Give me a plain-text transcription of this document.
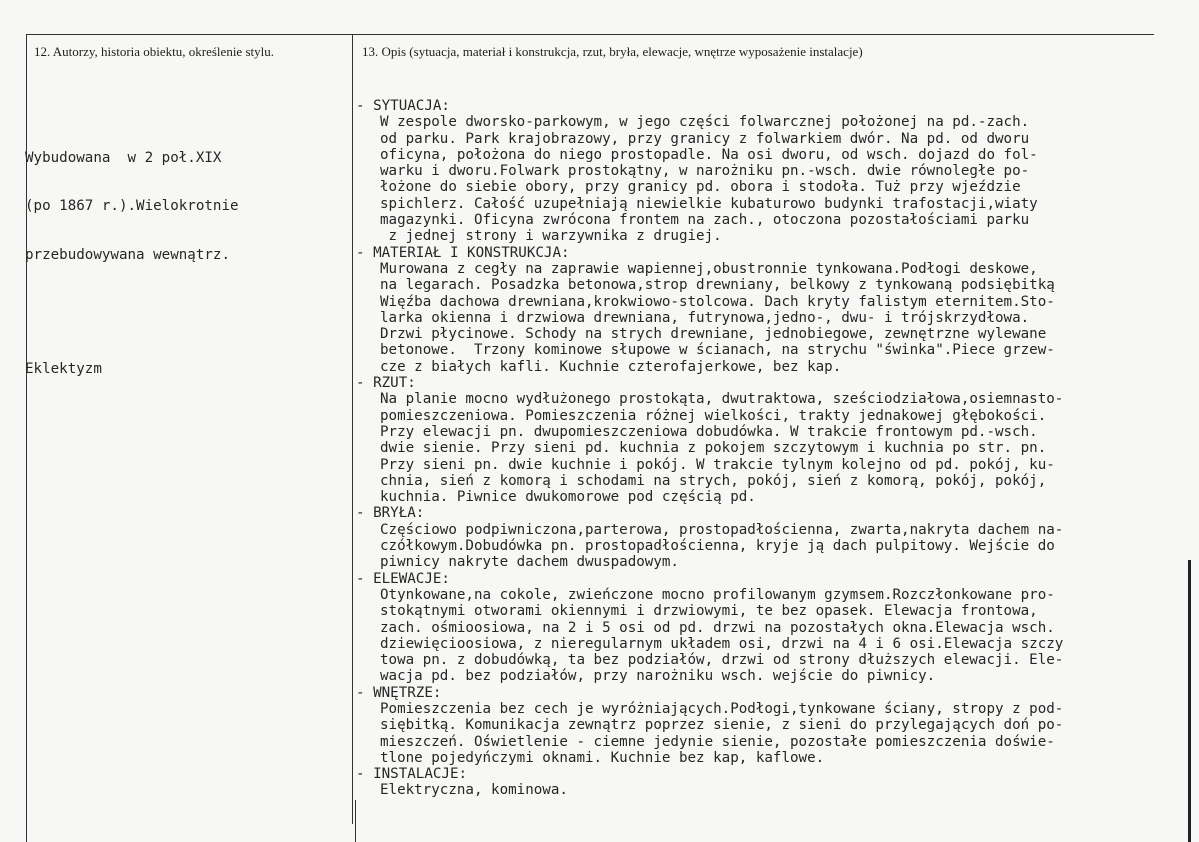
12. Autorzy, historia obiektu, określenie stylu.	13. Opis (sytuacja, materiał i konstrukcja, rzut, bryła, elewacje, wnętrze wyposażenie instalacje)

Wybudowana  w 2 poł.XIX

(po 1867 r.).Wielokrotnie

przebudowywana wewnątrz.

Eklektyzm

- SYTUACJA:
W zespole dworsko-parkowym, w jego części folwarcznej położonej na pd.-zach.
od parku. Park krajobrazowy, przy granicy z folwarkiem dwór. Na pd. od dworu
oficyna, położona do niego prostopadle. Na osi dworu, od wsch. dojazd do fol-
warku i dworu.Folwark prostokątny, w narożniku pn.-wsch. dwie równoległe po-
łożone do siebie obory, przy granicy pd. obora i stodoła. Tuż przy wjeździe
spichlerz. Całość uzupełniają niewielkie kubaturowo budynki trafostacji,wiaty
magazynki. Oficyna zwrócona frontem na zach., otoczona pozostałościami parku
z jednej strony i warzywnika z drugiej.
- MATERIAŁ I KONSTRUKCJA:
Murowana z cegły na zaprawie wapiennej,obustronnie tynkowana.Podłogi deskowe,
na legarach. Posadzka betonowa,strop drewniany, belkowy z tynkowaną podsiębitką
Więźba dachowa drewniana,krokwiowo-stolcowa. Dach kryty falistym eternitem.Sto-
larka okienna i drzwiowa drewniana, futrynowa,jedno-, dwu- i trójskrzydłowa.
Drzwi płycinowe. Schody na strych drewniane, jednobiegowe, zewnętrzne wylewane
betonowe.  Trzony kominowe słupowe w ścianach, na strychu "świnka".Piece grzew-
cze z białych kafli. Kuchnie czterofajerkowe, bez kap.
- RZUT:
Na planie mocno wydłużonego prostokąta, dwutraktowa, sześciodziałowa,osiemnasto-
pomieszczeniowa. Pomieszczenia różnej wielkości, trakty jednakowej głębokości.
Przy elewacji pn. dwupomieszczeniowa dobudówka. W trakcie frontowym pd.-wsch.
dwie sienie. Przy sieni pd. kuchnia z pokojem szczytowym i kuchnia po str. pn.
Przy sieni pn. dwie kuchnie i pokój. W trakcie tylnym kolejno od pd. pokój, ku-
chnia, sień z komorą i schodami na strych, pokój, sień z komorą, pokój, pokój,
kuchnia. Piwnice dwukomorowe pod częścią pd.
- BRYŁA:
Częściowo podpiwniczona,parterowa, prostopadłościenna, zwarta,nakryta dachem na-
czółkowym.Dobudówka pn. prostopadłościenna, kryje ją dach pulpitowy. Wejście do
piwnicy nakryte dachem dwuspadowym.
- ELEWACJE:
Otynkowane,na cokole, zwieńczone mocno profilowanym gzymsem.Rozczłonkowane pro-
stokątnymi otworami okiennymi i drzwiowymi, te bez opasek. Elewacja frontowa,
zach. ośmioosiowa, na 2 i 5 osi od pd. drzwi na pozostałych okna.Elewacja wsch.
dziewięcioosiowa, z nieregularnym układem osi, drzwi na 4 i 6 osi.Elewacja szczy
towa pn. z dobudówką, ta bez podziałów, drzwi od strony dłuższych elewacji. Ele-
wacja pd. bez podziałów, przy narożniku wsch. wejście do piwnicy.
- WNĘTRZE:
Pomieszczenia bez cech je wyróżniających.Podłogi,tynkowane ściany, stropy z pod-
siębitką. Komunikacja zewnątrz poprzez sienie, z sieni do przylegających doń po-
mieszczeń. Oświetlenie - ciemne jedynie sienie, pozostałe pomieszczenia doświe-
tlone pojedyńczymi oknami. Kuchnie bez kap, kaflowe.
- INSTALACJE:
Elektryczna, kominowa.
